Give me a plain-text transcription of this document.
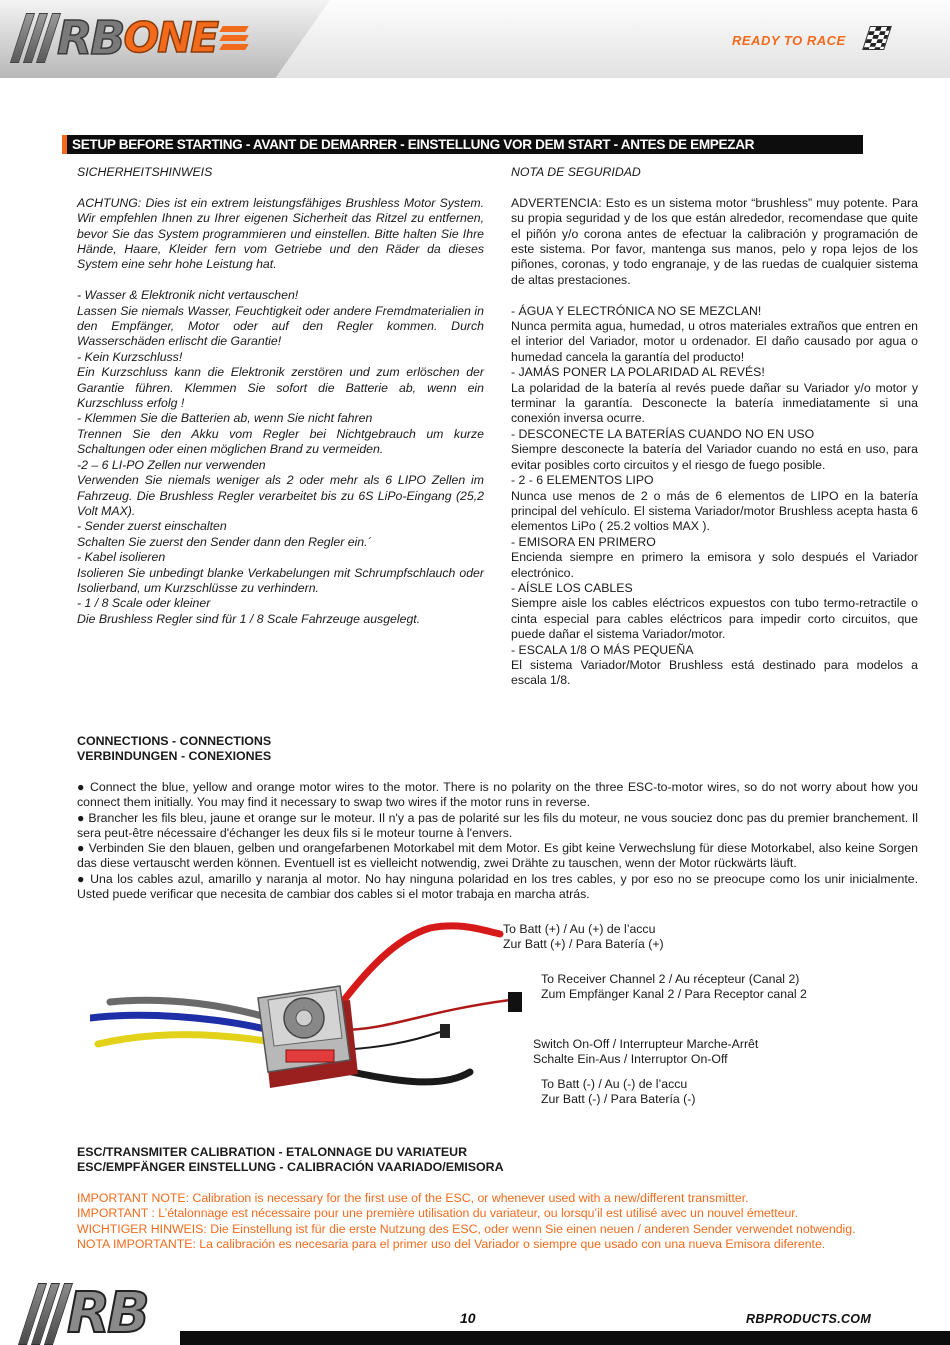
RB ONE	READY TO RACE
SETUP BEFORE STARTING - AVANT DE DEMARRER - EINSTELLUNG VOR DEM START - ANTES DE EMPEZAR
SICHERHEITSHINWEIS

ACHTUNG: Dies ist ein extrem leistungsfähiges Brushless Motor System. Wir empfehlen Ihnen zu Ihrer eigenen Sicherheit das Ritzel zu entfernen, bevor Sie das System programmieren und einstellen. Bitte halten Sie Ihre Hände, Haare, Kleider fern vom Getriebe und den Räder da dieses System eine sehr hohe Leistung hat.

- Wasser & Elektronik nicht vertauschen!

Lassen Sie niemals Wasser, Feuchtigkeit oder andere Fremdmaterialien in den Empfänger, Motor oder auf den Regler kommen. Durch Wasserschäden erlischt die Garantie!

- Kein Kurzschluss!

Ein Kurzschluss kann die Elektronik zerstören und zum erlöschen der Garantie führen. Klemmen Sie sofort die Batterie ab, wenn ein Kurzschluss erfolg !

- Klemmen Sie die Batterien ab, wenn Sie nicht fahren

Trennen Sie den Akku vom Regler bei Nichtgebrauch um kurze Schaltungen oder einen möglichen Brand zu vermeiden.

-2 – 6 LI-PO Zellen nur verwenden

Verwenden Sie niemals weniger als 2 oder mehr als 6 LIPO Zellen im Fahrzeug. Die Brushless Regler verarbeitet bis zu 6S LiPo-Eingang (25,2 Volt MAX).

- Sender zuerst einschalten

Schalten Sie zuerst den Sender dann den Regler ein.´

- Kabel isolieren

Isolieren Sie unbedingt blanke Verkabelungen mit Schrumpfschlauch oder Isolierband, um Kurzschlüsse zu verhindern.

- 1 / 8 Scale oder kleiner

Die Brushless Regler sind für 1 / 8 Scale Fahrzeuge ausgelegt.

NOTA DE SEGURIDAD

ADVERTENCIA: Esto es un sistema motor “brushless” muy potente. Para su propia seguridad y de los que están alrededor, recomendase que quite el piñón y/o corona antes de efectuar la calibración y programación de este sistema. Por favor, mantenga sus manos, pelo y ropa lejos de los piñones, coronas, y todo engranaje, y de las ruedas de cualquier sistema de altas prestaciones.

- ÁGUA Y ELECTRÓNICA NO SE MEZCLAN!

Nunca permita agua, humedad, u otros materiales extraños que entren en el interior del Variador, motor u ordenador. El daño causado por agua o humedad cancela la garantía del producto!

- JAMÁS PONER LA POLARIDAD AL REVÉS!

La polaridad de la batería al revés puede dañar su Variador y/o motor y terminar la garantía. Desconecte la batería inmediatamente si una conexión inversa ocurre.

- DESCONECTE LA BATERÍAS CUANDO NO EN USO

Siempre desconecte la batería del Variador cuando no está en uso, para evitar posibles corto circuitos y el riesgo de fuego posible.

- 2 - 6 ELEMENTOS LIPO

Nunca use menos de 2 o más de 6 elementos de LIPO en la batería principal del vehículo. El sistema Variador/motor Brushless acepta hasta 6 elementos LiPo ( 25.2 voltios MAX ).

- EMISORA EN PRIMERO

Encienda siempre en primero la emisora y solo después el Variador electrónico.

- AÍSLE LOS CABLES

Siempre aisle los cables eléctricos expuestos con tubo termo-retractile o cinta especial para cables eléctricos para impedir corto circuitos, que puede dañar el sistema Variador/motor.

- ESCALA 1/8 O MÁS PEQUEÑA

El sistema Variador/Motor Brushless está destinado para modelos a escala 1/8.

CONNECTIONS - CONNECTIONS
VERBINDUNGEN - CONEXIONES

● Connect the blue, yellow and orange motor wires to the motor. There is no polarity on the three ESC-to-motor wires, so do not worry about how you connect them initially. You may find it necessary to swap two wires if the motor runs in reverse.

● Brancher les fils bleu, jaune et orange sur le moteur. Il n'y a pas de polarité sur les fils du moteur, ne vous souciez donc pas du premier branchement. Il sera peut-être nécessaire d'échanger les deux fils si le moteur tourne à l'envers.

● Verbinden Sie den blauen, gelben und orangefarbenen Motorkabel mit dem Motor. Es gibt keine Verwechslung für diese Motorkabel, also keine Sorgen das diese vertauscht werden können. Eventuell ist es vielleicht notwendig, zwei Drähte zu tauschen, wenn der Motor rückwärts läuft.

● Una los cables azul, amarillo y naranja al motor. No hay ninguna polaridad en los tres cables, y por eso no se preocupe como los unir inicialmente. Usted puede verificar que necesita de cambiar dos cables si el motor trabaja en marcha atrás.

To Batt (+) / Au (+) de l’accu
Zur Batt (+) / Para Batería (+)
To Receiver Channel 2 / Au récepteur (Canal 2)
Zum Empfänger Kanal 2 / Para Receptor canal 2
Switch On-Off / Interrupteur Marche-Arrêt
Schalte Ein-Aus / Interruptor On-Off
To Batt (-) / Au (-) de l’accu
Zur Batt (-) / Para Batería (-)
ESC/TRANSMITER CALIBRATION - ETALONNAGE DU VARIATEUR
ESC/EMPFÄNGER EINSTELLUNG - CALIBRACIÓN VAARIADO/EMISORA
IMPORTANT NOTE: Calibration is necessary for the first use of the ESC, or whenever used with a new/different transmitter.
IMPORTANT : L’étalonnage est nécessaire pour une première utilisation du variateur, ou lorsqu’il est utilisé avec un nouvel émetteur.
WICHTIGER HINWEIS: Die Einstellung ist für die erste Nutzung des ESC, oder wenn Sie einen neuen / anderen Sender verwendet notwendig.
NOTA IMPORTANTE: La calibración es necesaria para el primer uso del Variador o siempre que usado con una nueva Emisora diferente.
RB	10	RBPRODUCTS.COM
